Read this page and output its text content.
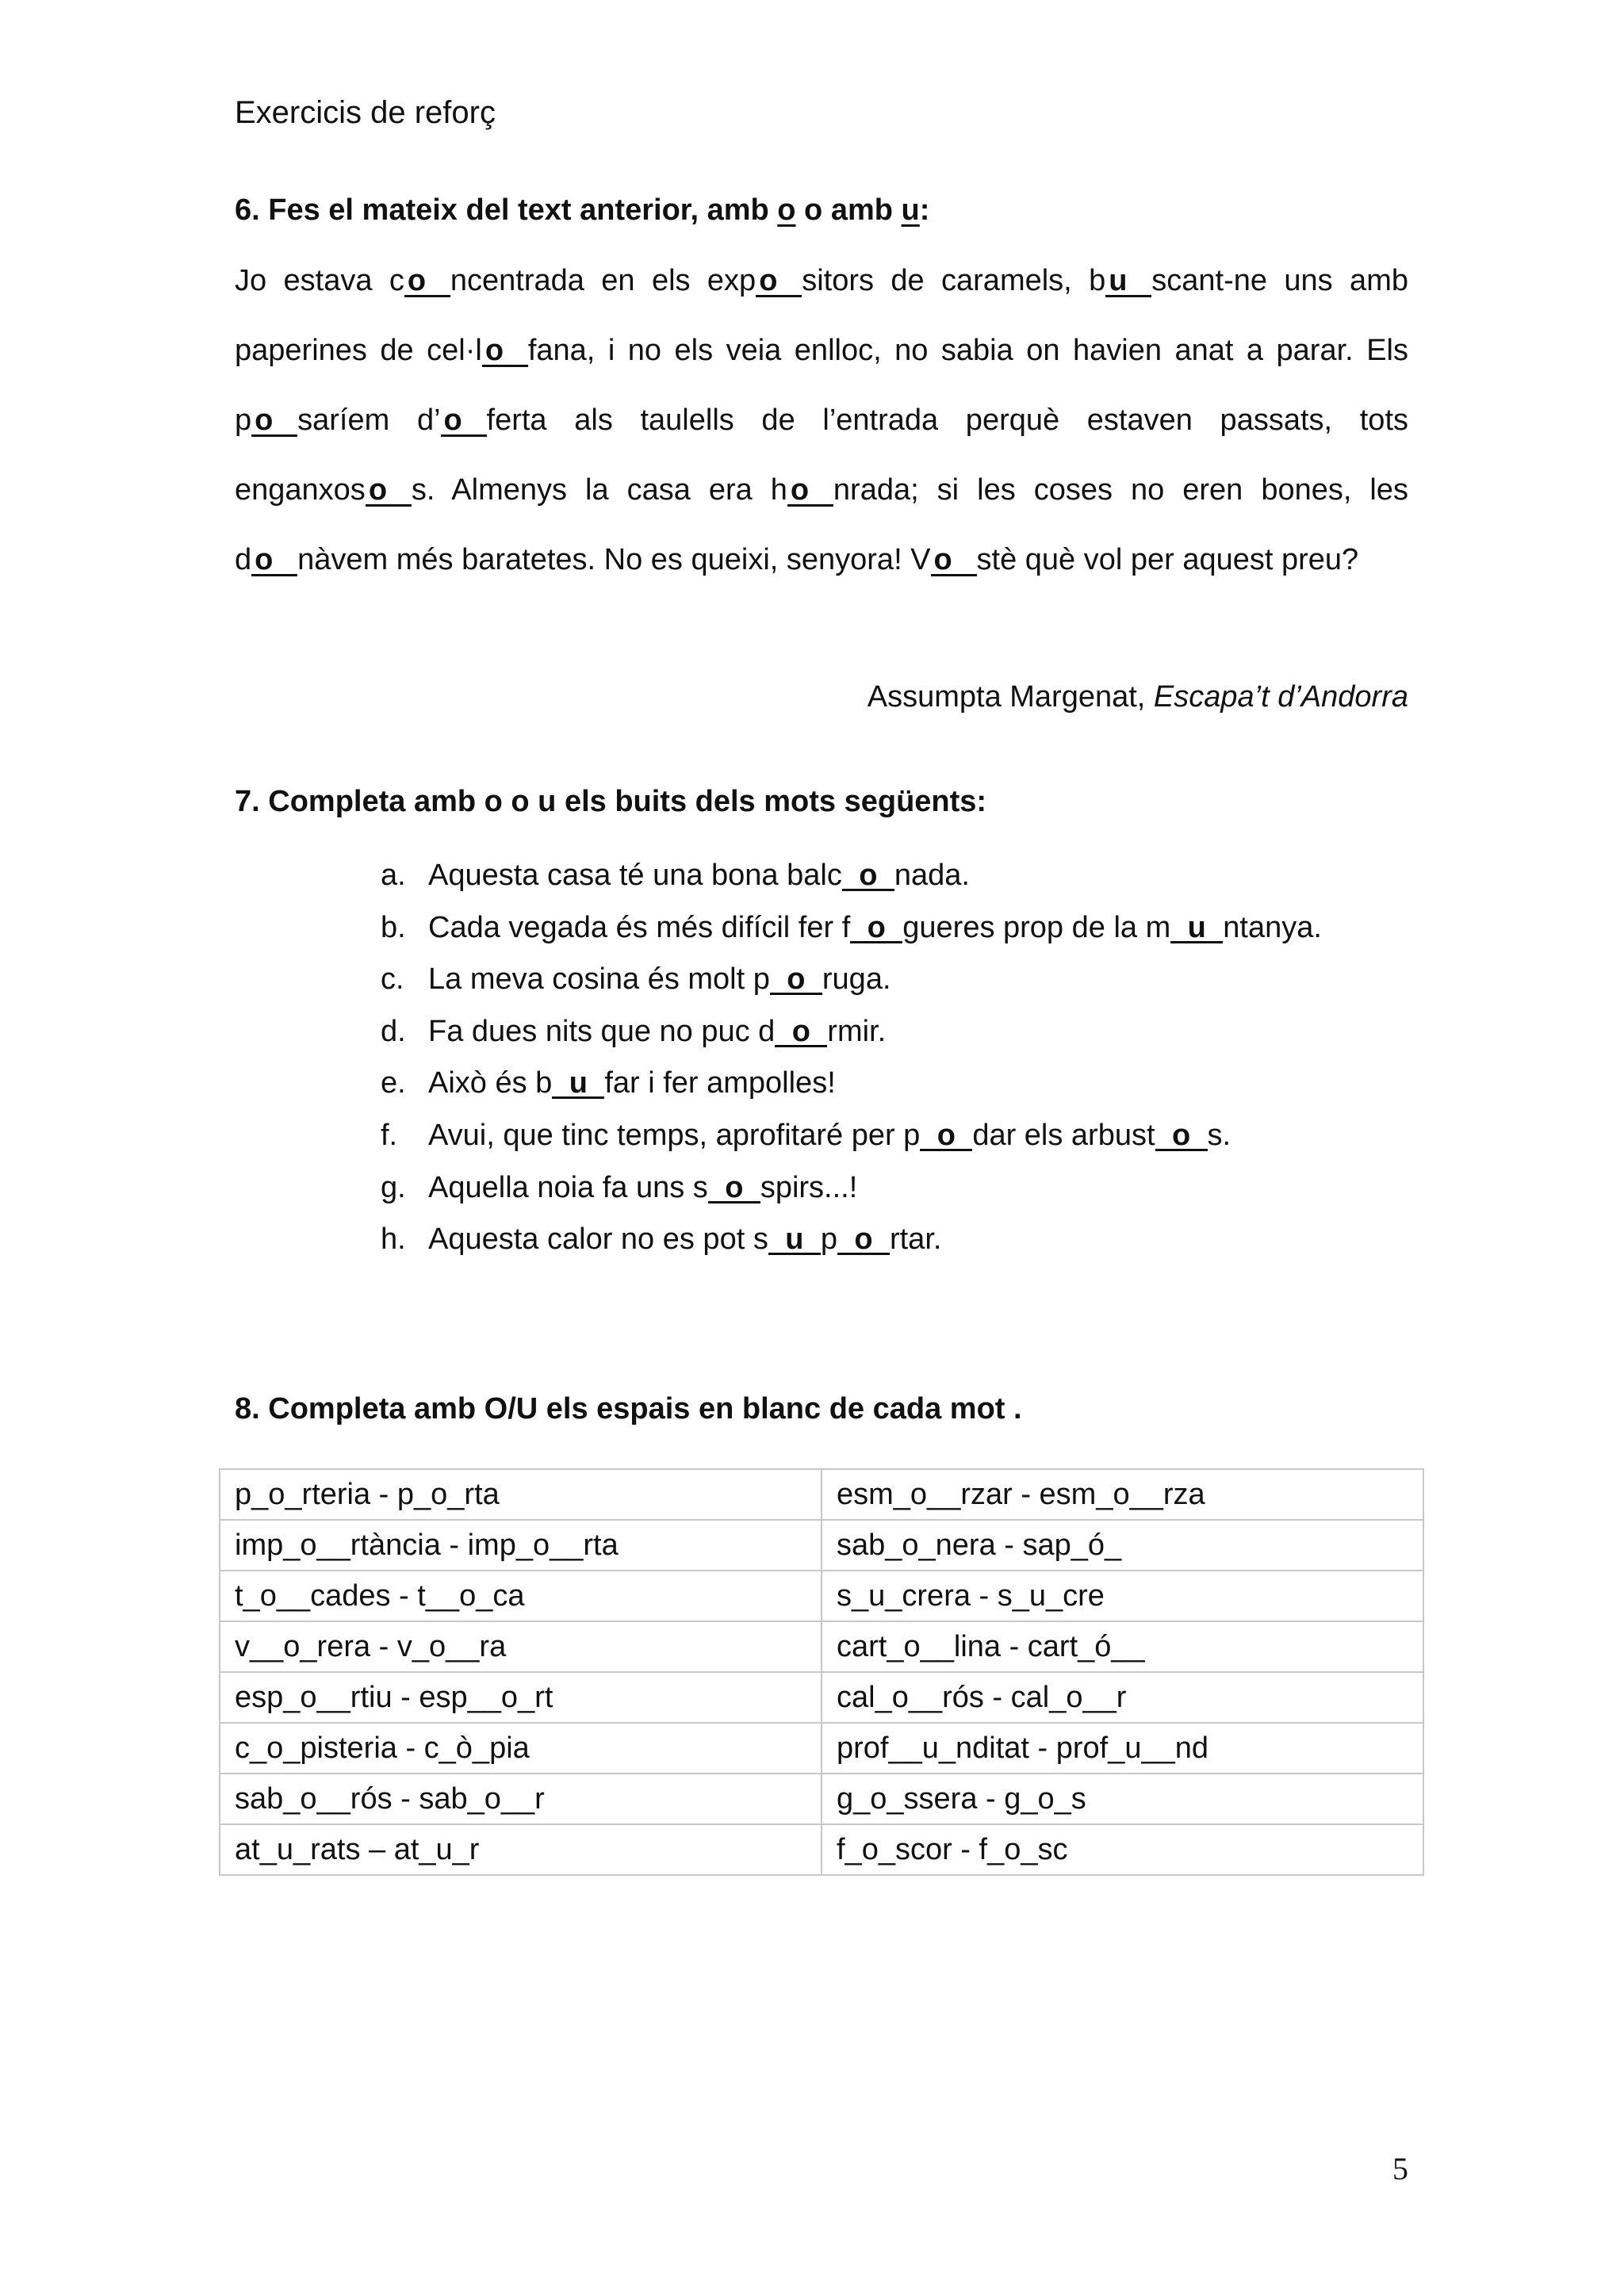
Exercicis de reforç
6. Fes el mateix del text anterior, amb o o amb u:
Jo estava c o ncentrada en els exp o sitors de caramels, b u scant-ne uns amb
paperines de cel·l o fana, i no els veia enlloc, no sabia on havien anat a parar. Els
p o saríem d’ o ferta als taulells de l’entrada perquè estaven passats, tots
enganxos o s. Almenys la casa era h o nrada; si les coses no eren bones, les
d o nàvem més baratetes. No es queixi, senyora! V o stè què vol per aquest preu?
Assumpta Margenat, Escapa’t d’Andorra
7. Completa amb o o u els buits dels mots següents:
a. Aquesta casa té una bona balc o nada.
b. Cada vegada és més difícil fer f o gueres prop de la m u ntanya.
c. La meva cosina és molt p o ruga.
d. Fa dues nits que no puc d o rmir.
e. Això és b u far i fer ampolles!
f.	Avui, que tinc temps, aprofitaré per p o dar els arbust o s.
g. Aquella noia fa uns s o spirs...!
h. Aquesta calor no es pot s u p o rtar.
8. Completa amb O/U els espais en blanc de cada mot .
p_o_rteria - p_o_rta	esm_o__rzar - esm_o__rza
imp_o__rtància - imp_o__rta	sab_o_nera - sap_ó_
t_o__cades - t__o_ca	s_u_crera - s_u_cre
v__o_rera - v_o__ra	cart_o__lina - cart_ó__
esp_o__rtiu - esp__o_rt	cal_o__rós - cal_o__r
c_o_pisteria - c_ò_pia	prof__u_nditat - prof_u__nd
sab_o__rós - sab_o__r	g_o_ssera - g_o_s
at_u_rats – at_u_r	f_o_scor - f_o_sc
5
